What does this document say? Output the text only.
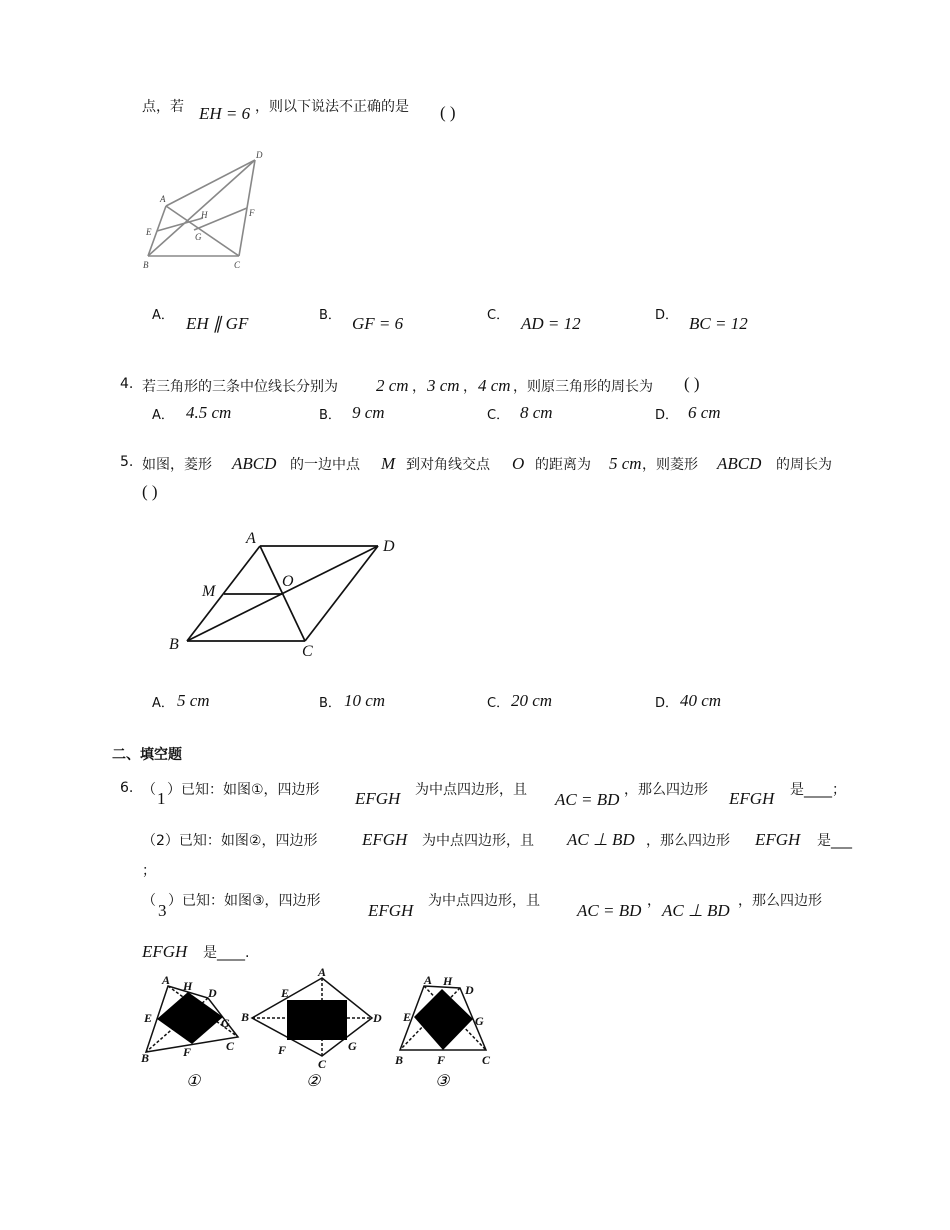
点，若 EH = 6 ，则以下说法不正确的是 ( )
A
B	C
D
E
F
G
H
A． EH ∥ GF	B． GF = 6	C． AD = 12	D． BC = 12
4. 若三角形的三条中位线长分别为 2 cm ， 3 cm ， 4 cm ，则原三角形的周长为 ( )
A． 4.5 cm	B． 9 cm	C． 8 cm	D． 6 cm
5. 如图，菱形 ABCD 的一边中点 M 到对角线交点 O 的距离为 5 cm ，则菱形 ABCD 的周长为
( )
A
B	C
D
M
O
A． 5 cm	B． 10 cm	C． 20 cm	D． 40 cm
二、填空题
6. （ 1 ）已知：如图①，四边形 EFGH 为中点四边形，且 AC = BD ，那么四边形 EFGH 是____；
（2）已知：如图②，四边形	EFGH 为中点四边形，且 AC ⊥ BD ，那么四边形 EFGH 是___
；
（ 3 ）已知：如图③，四边形	EFGH 为中点四边形，且 AC = BD ， AC ⊥ BD ，那么四边形
EFGH 是____.
A H D
E	G
B	F	C
①
A
E
B	D
F	G
C
②
A H
D
E	G
B	F	C
③
